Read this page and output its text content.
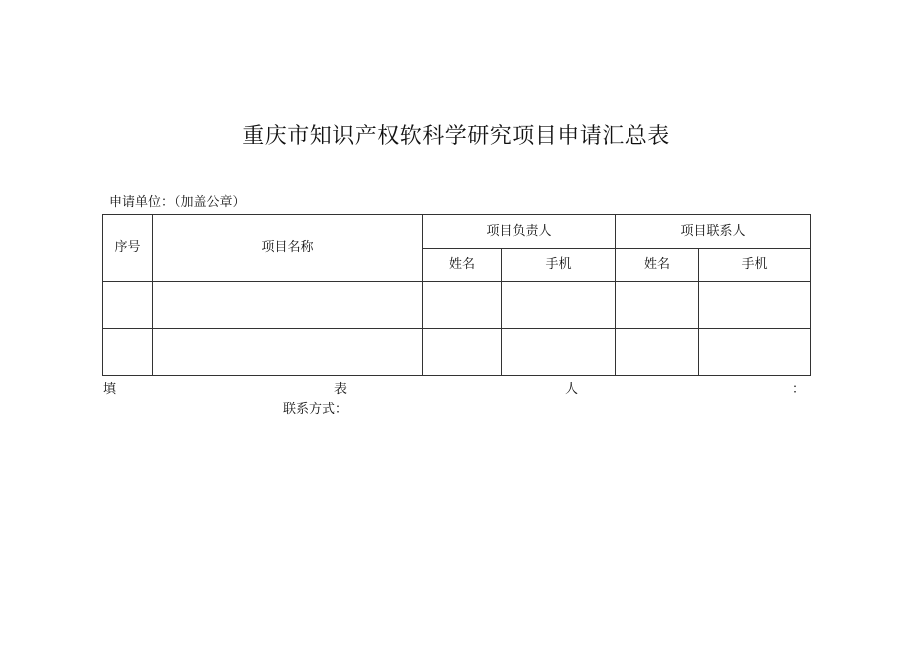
重庆市知识产权软科学研究项目申请汇总表
申请单位：（加盖公章）
序号	项目名称	项目负责人		项目联系人	
		姓名	手机	姓名	手机

填	表	人	：
联系方式：
